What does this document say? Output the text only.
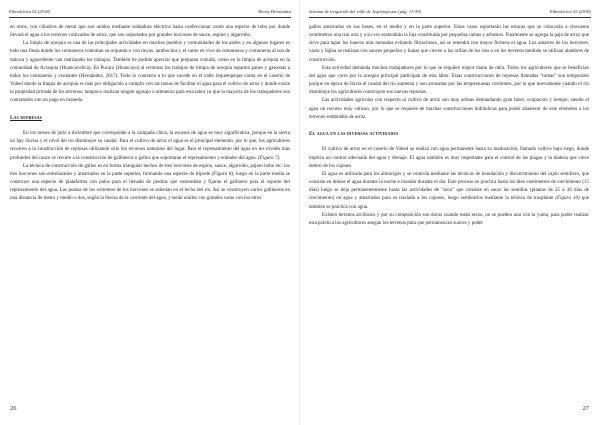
Ethnolórica 02 (2018)	Henry Hernández

en otros, con cilindros de metal que son unidos mediante soldadura eléctrica hasta confeccionar como una especie de tubo por donde llevará el agua a los terrenos cultivados de arroz, que son soportados por grandes horcones de sauce, espino y algarrobo.

La limpia de acequia es una de las principales actividades en muchos pueblos y comunidades de los andes y en algunos lugares es todo una fiesta donde los comuneros contratan su orquesta o con tinyas, tambocitos y el canto en vivo de comuneros y comuneras al son de música y aguardiente van realizando los trabajos. También he podido apreciar que preparan comida, como en la limpia de acequia en la comunidad de Acraquia (Huancavelica). En Pucará (Huancayo) al terminar los trabajos de limpia de acequia reparten panes y gaseosas a todos los comuneros y visitantes (Hernández, 2017). Todo lo contrario a lo que sucede en el valle Jequetepeque como en el caserío de Yubed donde la limpia de acequia es más por obligación a cumplir con las tareas de facilitar el agua para el cultivo de arroz y donde existe la propiedad privada de los terrenos; tampoco realizan ningún agasajo o almuerzo para esta labor ya que la mayoría de los trabajadores son contratados con un pago en moneda.

Las represas

En los meses de julio a diciembre que corresponde a la campaña chica, la escasez de agua es muy significativa, porque en la sierra no hay lluvias y el nivel del río disminuye su caudal. Para el cultivo de arroz el agua es el principal elemento, por lo que, los agricultores recurren a la construcción de represas utilizando sólo los recursos naturales del lugar. Para el represamiento del agua en los niveles más profundos del cauce se recurre a la construcción de gallineros o gallos que soportaran el represamiento y embalse del agua. (Figura 7).

La técnica de construcción de gallos es en forma triangular hechos de tres horcones de espino, sauce, algarrobo, pájaro bobo etc. los tres horcones son entrelazados y amarrados en la parte superior, formando una especie de trípode (Figura 8), luego en la parte media se construye una especie de plataforma con palos para el llenado de piedras que sostendrán y fijaran el gallinero para el soporte del represamiento del agua. Las puntas de los extremos de los horcones se asientan en el lecho del río. Así se construyen varios gallineros en una distancia de metro y medio o dos, según la fuerza de la corriente del agua, y serán unidos con grandes varas con los otros

26
Sistema de irrigación del valle de Jequetepeque (pág. 13-30)	Ethnolórica 02 (2018)

gallos amarrados en sus bases, en el medio y en la parte superior. Estas varas soportarán las estacas que se colocarán a cincuenta centímetros una tras otra y a su vez sostendrán la faja constituida por pequeñas ramas y arbustos. Finalmente se agrega la paja de arroz que sirve para tapar los huecos más menudos evitando filtraciones, así se retendrá con mayor firmeza el agua. Los amarres de los horcones, varas y fajina se realizan con sauces pequeños y lianas que crecen a las orillas de los ríos o en los terrenos también se utilizan alambres de construcción.

Esta actividad demanda muchos trabajadores por lo que se requiere mayor mano de obra. Todos los agricultores que se benefician del agua que corre por la acequia principal participan de esta labor. Estas construcciones de represas llamadas "tomas" son temporales porque en época de lluvia el caudal del río aumenta y son arrasadas por las tempestuosas corrientes, por lo que nuevamente cuando el río disminuye los agricultores construyen sus nuevas represas.

Las actividades agrícolas con respecto al cultivo de arroz son muy arduas demandando gran labor, ocupación y tiempo; siendo el agua un recurso muy valioso, por lo que se requiere de muchas construcciones hidráulicas para poder abastecer de este elemento a los terrenos sembrados de arroz.

El agua en las diversas actividades

El cultivo de arroz en el caserío de Yubed se realiza con agua permanente hasta su maduración, llamado cultivo bajo riego, donde implica un control adecuado del agua y drenaje. El agua también es muy importante para el control de las plagas y la maleza que crece dentro de los cajones.

El agua es utilizada para los almácigos y se controla mediante las técnicas de inundación y discurrimiento del cajón semillero, que consiste en drenar el agua durante la noche e inundar durante el día. Este proceso se practica hasta los diez centímetros de crecimiento (15 días) luego se deja permanentemente hasta las actividades de "saca" que consiste en sacar las semillas (plantas de 25 a 30 días de crecimiento) en agua y amarrados para su traslado a los cajones, luego sembrarlos mediante la técnica de trasplante (Figura 10) que también se practica con agua.

Existen terrenos arcillosos y por su composición son duros cuando están secos, no se pueden arar con la yunta, para poder realizar esta práctica los agricultores anegan los terrenos para que permanezcan suaves y poder

27
